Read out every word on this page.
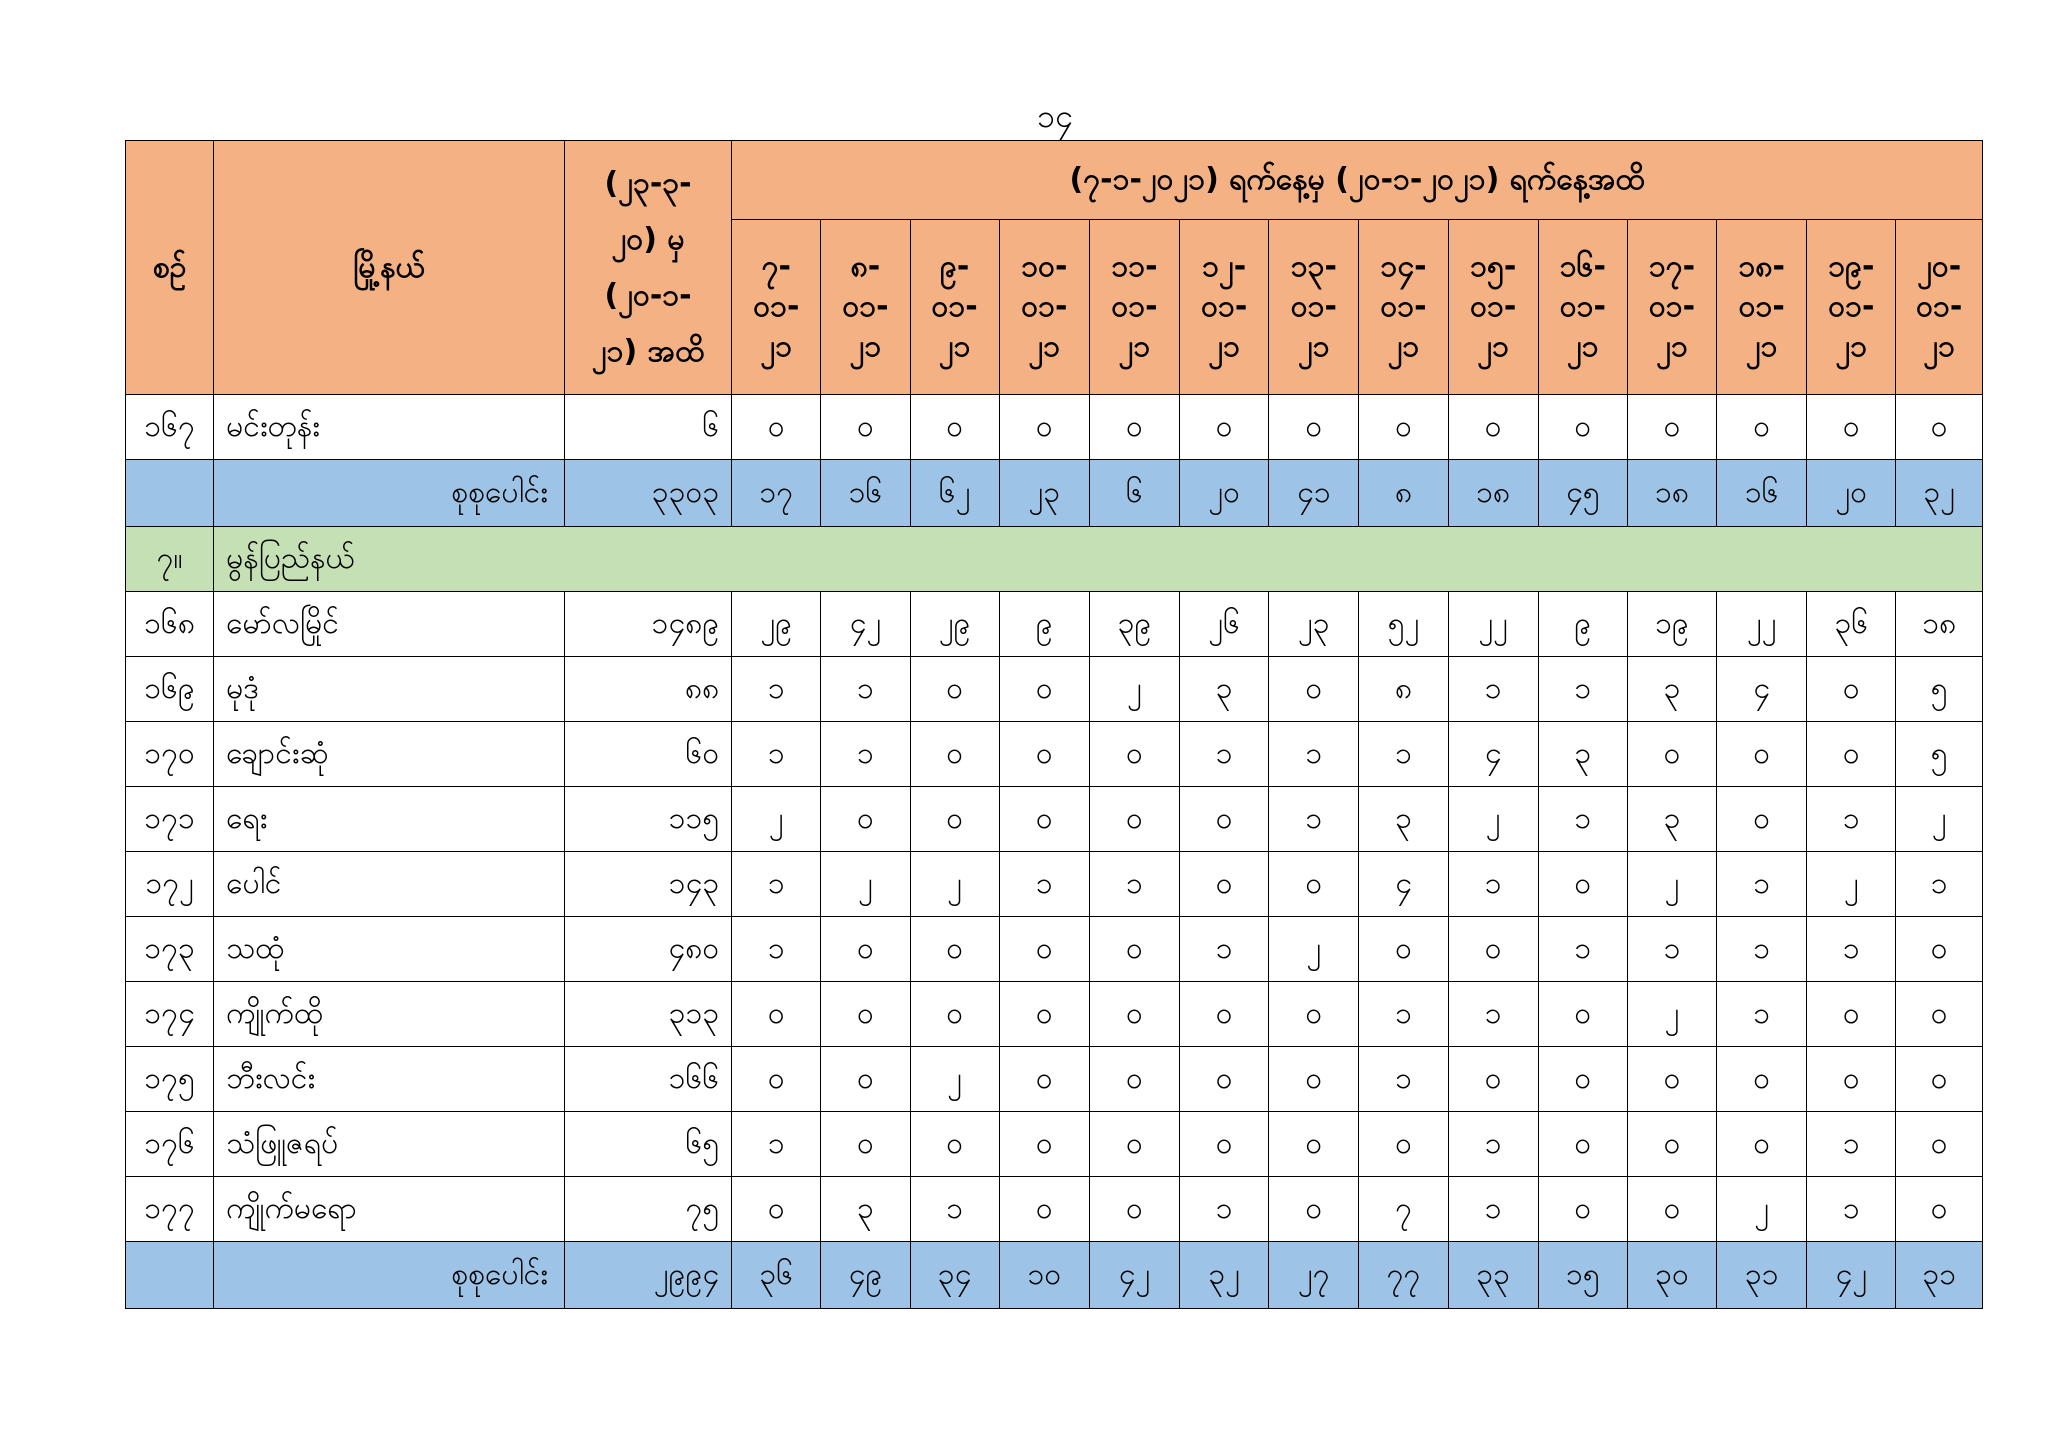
၁၄
စဉ်	မြို့နယ်	(၂၃-၃-
၂၀) မှ
(၂၀-၁-
၂၁) အထိ	(၇-၁-၂၀၂၁) ရက်နေ့မှ (၂၀-၁-၂၀၂၁) ရက်နေ့အထိ													

			၇-
၀၁-
၂၁	၈-
၀၁-
၂၁	၉-
၀၁-
၂၁	၁၀-
၀၁-
၂၁	၁၁-
၀၁-
၂၁	၁၂-
၀၁-
၂၁	၁၃-
၀၁-
၂၁	၁၄-
၀၁-
၂၁	၁၅-
၀၁-
၂၁	၁၆-
၀၁-
၂၁	၁၇-
၀၁-
၂၁	၁၈-
၀၁-
၂၁	၁၉-
၀၁-
၂၁	၂၀-
၀၁-
၂၁

၁၆၇	မင်းတုန်း	၆	၀	၀	၀	၀	၀	၀	၀	၀	၀	၀	၀	၀	၀	၀
	စုစုပေါင်း	၃၃၀၃	၁၇	၁၆	၆၂	၂၃	၆	၂၀	၄၁	၈	၁၈	၄၅	၁၈	၁၆	၂၀	၃၂
၇။	မွန်ပြည်နယ်															
၁၆၈	မော်လမြိုင်	၁၄၈၉	၂၉	၄၂	၂၉	၉	၃၉	၂၆	၂၃	၅၂	၂၂	၉	၁၉	၂၂	၃၆	၁၈
၁၆၉	မုဒုံ	၈၈	၁	၁	၀	၀	၂	၃	၀	၈	၁	၁	၃	၄	၀	၅
၁၇၀	ချောင်းဆုံ	၆၀	၁	၁	၀	၀	၀	၁	၁	၁	၄	၃	၀	၀	၀	၅
၁၇၁	ရေး	၁၁၅	၂	၀	၀	၀	၀	၀	၁	၃	၂	၁	၃	၀	၁	၂
၁၇၂	ပေါင်	၁၄၃	၁	၂	၂	၁	၁	၀	၀	၄	၁	၀	၂	၁	၂	၁
၁၇၃	သထုံ	၄၈၀	၁	၀	၀	၀	၀	၁	၂	၀	၀	၁	၁	၁	၁	၀
၁၇၄	ကျိုက်ထို	၃၁၃	၀	၀	၀	၀	၀	၀	၀	၁	၁	၀	၂	၁	၀	၀
၁၇၅	ဘီးလင်း	၁၆၆	၀	၀	၂	၀	၀	၀	၀	၁	၀	၀	၀	၀	၀	၀
၁၇၆	သံဖြူဇရပ်	၆၅	၁	၀	၀	၀	၀	၀	၀	၀	၁	၀	၀	၀	၁	၀
၁၇၇	ကျိုက်မရော	၇၅	၀	၃	၁	၀	၀	၁	၀	၇	၁	၀	၀	၂	၁	၀
	စုစုပေါင်း	၂၉၉၄	၃၆	၄၉	၃၄	၁၀	၄၂	၃၂	၂၇	၇၇	၃၃	၁၅	၃၀	၃၁	၄၂	၃၁
